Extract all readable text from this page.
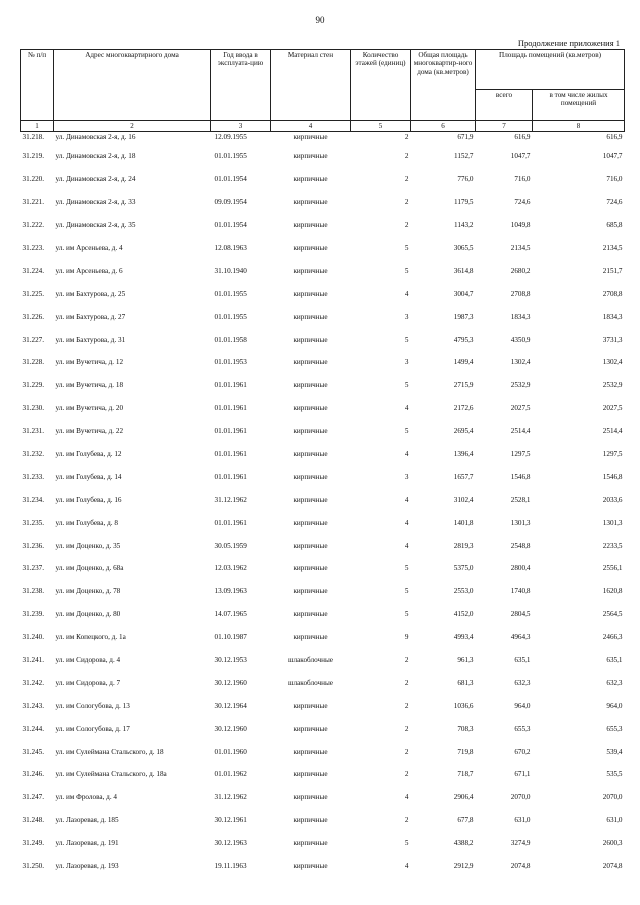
90
Продолжение приложения 1
№ п/п	Адрес многоквартирного дома	Год ввода в эксплуата-цию	Материал стен	Количество этажей (единиц)	Общая площадь многоквартир-ного дома (кв.метров)	Площадь помещений (кв.метров)	
						всего	в том числе жилых помещений
1	2	3	4	5	6	7	8
31.218.	ул. Динамовская 2-я, д. 16	12.09.1955	кирпичные	2	671,9	616,9	616,9
31.219.	ул. Динамовская 2-я, д. 18	01.01.1955	кирпичные	2	1152,7	1047,7	1047,7
31.220.	ул. Динамовская 2-я, д. 24	01.01.1954	кирпичные	2	776,0	716,0	716,0
31.221.	ул. Динамовская 2-я, д. 33	09.09.1954	кирпичные	2	1179,5	724,6	724,6
31.222.	ул. Динамовская 2-я, д. 35	01.01.1954	кирпичные	2	1143,2	1049,8	685,8
31.223.	ул. им Арсеньева, д. 4	12.08.1963	кирпичные	5	3065,5	2134,5	2134,5
31.224.	ул. им Арсеньева, д. 6	31.10.1940	кирпичные	5	3614,8	2680,2	2151,7
31.225.	ул. им Бахтурова, д. 25	01.01.1955	кирпичные	4	3004,7	2708,8	2708,8
31.226.	ул. им Бахтурова, д. 27	01.01.1955	кирпичные	3	1987,3	1834,3	1834,3
31.227.	ул. им Бахтурова, д. 31	01.01.1958	кирпичные	5	4795,3	4350,9	3731,3
31.228.	ул. им Вучетича, д. 12	01.01.1953	кирпичные	3	1499,4	1302,4	1302,4
31.229.	ул. им Вучетича, д. 18	01.01.1961	кирпичные	5	2715,9	2532,9	2532,9
31.230.	ул. им Вучетича, д. 20	01.01.1961	кирпичные	4	2172,6	2027,5	2027,5
31.231.	ул. им Вучетича, д. 22	01.01.1961	кирпичные	5	2695,4	2514,4	2514,4
31.232.	ул. им Голубева, д. 12	01.01.1961	кирпичные	4	1396,4	1297,5	1297,5
31.233.	ул. им Голубева, д. 14	01.01.1961	кирпичные	3	1657,7	1546,8	1546,8
31.234.	ул. им Голубева, д. 16	31.12.1962	кирпичные	4	3102,4	2528,1	2033,6
31.235.	ул. им Голубева, д. 8	01.01.1961	кирпичные	4	1401,8	1301,3	1301,3
31.236.	ул. им Доценко, д. 35	30.05.1959	кирпичные	4	2819,3	2548,8	2233,5
31.237.	ул. им Доценко, д. 68а	12.03.1962	кирпичные	5	5375,0	2800,4	2556,1
31.238.	ул. им Доценко, д. 78	13.09.1963	кирпичные	5	2553,0	1740,8	1620,8
31.239.	ул. им Доценко, д. 80	14.07.1965	кирпичные	5	4152,0	2804,5	2564,5
31.240.	ул. им Копецкого, д. 1а	01.10.1987	кирпичные	9	4993,4	4964,3	2466,3
31.241.	ул. им Сидорова, д. 4	30.12.1953	шлакоблочные	2	961,3	635,1	635,1
31.242.	ул. им Сидорова, д. 7	30.12.1960	шлакоблочные	2	681,3	632,3	632,3
31.243.	ул. им Сологубова, д. 13	30.12.1964	кирпичные	2	1036,6	964,0	964,0
31.244.	ул. им Сологубова, д. 17	30.12.1960	кирпичные	2	708,3	655,3	655,3
31.245.	ул. им Сулеймана Стальского, д. 18	01.01.1960	кирпичные	2	719,8	670,2	539,4
31.246.	ул. им Сулеймана Стальского, д. 18а	01.01.1962	кирпичные	2	718,7	671,1	535,5
31.247.	ул. им Фролова, д. 4	31.12.1962	кирпичные	4	2906,4	2070,0	2070,0
31.248.	ул. Лазоревая, д. 185	30.12.1961	кирпичные	2	677,8	631,0	631,0
31.249.	ул. Лазоревая, д. 191	30.12.1963	кирпичные	5	4388,2	3274,9	2600,3
31.250.	ул. Лазоревая, д. 193	19.11.1963	кирпичные	4	2912,9	2074,8	2074,8
